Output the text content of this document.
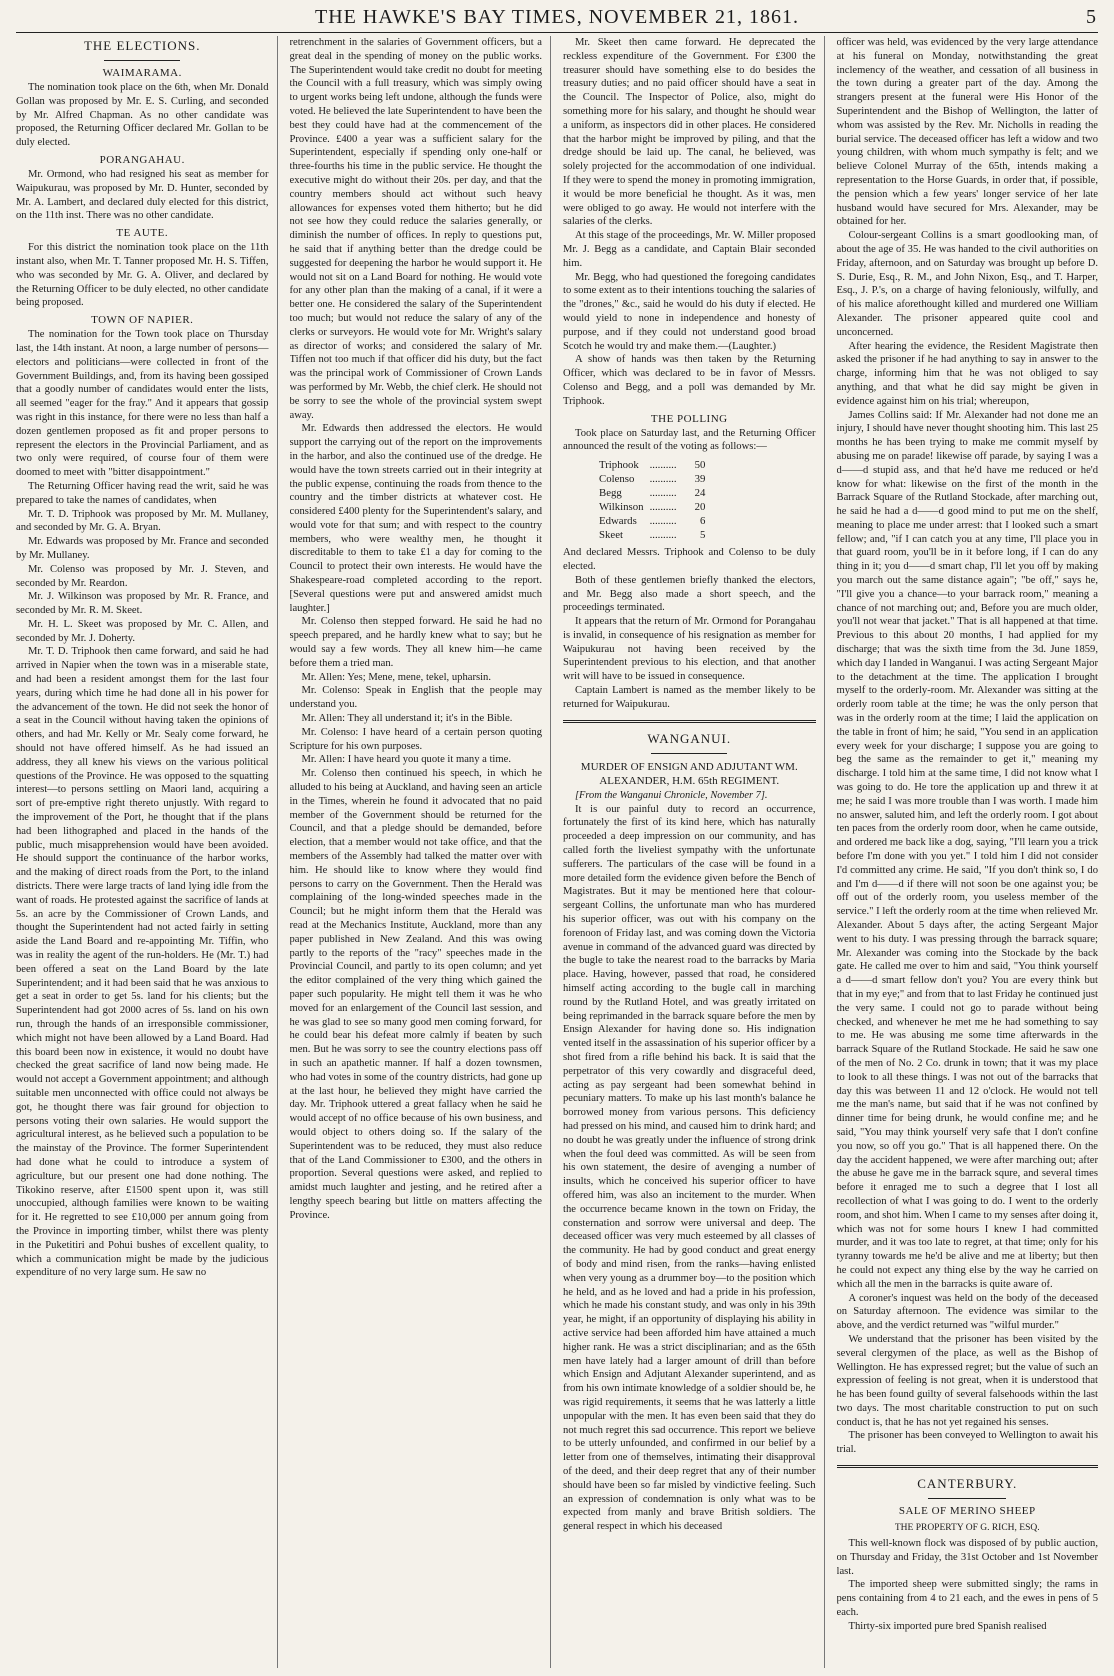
THE HAWKE'S BAY TIMES, NOVEMBER 21, 1861.	5
THE ELECTIONS.
WAIMARAMA.

The nomination took place on the 6th, when Mr. Donald Gollan was proposed by Mr. E. S. Curling, and seconded by Mr. Alfred Chapman. As no other candidate was proposed, the Returning Officer declared Mr. Gollan to be duly elected.

PORANGAHAU.

Mr. Ormond, who had resigned his seat as member for Waipukurau, was proposed by Mr. D. Hunter, seconded by Mr. A. Lambert, and declared duly elected for this district, on the 11th inst. There was no other candidate.

TE AUTE.

For this district the nomination took place on the 11th instant also, when Mr. T. Tanner proposed Mr. H. S. Tiffen, who was seconded by Mr. G. A. Oliver, and declared by the Returning Officer to be duly elected, no other candidate being proposed.

TOWN OF NAPIER.

The nomination for the Town took place on Thursday last, the 14th instant. At noon, a large number of persons—electors and politicians—were collected in front of the Government Buildings, and, from its having been gossiped that a goodly number of candidates would enter the lists, all seemed "eager for the fray." And it appears that gossip was right in this instance, for there were no less than half a dozen gentlemen proposed as fit and proper persons to represent the electors in the Provincial Parliament, and as two only were required, of course four of them were doomed to meet with "bitter disappointment."

The Returning Officer having read the writ, said he was prepared to take the names of candidates, when

Mr. T. D. Triphook was proposed by Mr. M. Mullaney, and seconded by Mr. G. A. Bryan.

Mr. Edwards was proposed by Mr. France and seconded by Mr. Mullaney.

Mr. Colenso was proposed by Mr. J. Steven, and seconded by Mr. Reardon.

Mr. J. Wilkinson was proposed by Mr. R. France, and seconded by Mr. R. M. Skeet.

Mr. H. L. Skeet was proposed by Mr. C. Allen, and seconded by Mr. J. Doherty.

Mr. T. D. Triphook then came forward, and said he had arrived in Napier when the town was in a miserable state, and had been a resident amongst them for the last four years, during which time he had done all in his power for the advancement of the town. He did not seek the honor of a seat in the Council without having taken the opinions of others, and had Mr. Kelly or Mr. Sealy come forward, he should not have offered himself. As he had issued an address, they all knew his views on the various political questions of the Province. He was opposed to the squatting interest—to persons settling on Maori land, acquiring a sort of pre-emptive right thereto unjustly. With regard to the improvement of the Port, he thought that if the plans had been lithographed and placed in the hands of the public, much misapprehension would have been avoided. He should support the continuance of the harbor works, and the making of direct roads from the Port, to the inland districts. There were large tracts of land lying idle from the want of roads. He protested against the sacrifice of lands at 5s. an acre by the Commissioner of Crown Lands, and thought the Superintendent had not acted fairly in setting aside the Land Board and re-appointing Mr. Tiffin, who was in reality the agent of the run-holders. He (Mr. T.) had been offered a seat on the Land Board by the late Superintendent; and it had been said that he was anxious to get a seat in order to get 5s. land for his clients; but the Superintendent had got 2000 acres of 5s. land on his own run, through the hands of an irresponsible commissioner, which might not have been allowed by a Land Board. Had this board been now in existence, it would no doubt have checked the great sacrifice of land now being made. He would not accept a Government appointment; and although suitable men unconnected with office could not always be got, he thought there was fair ground for objection to persons voting their own salaries. He would support the agricultural interest, as he believed such a population to be the mainstay of the Province. The former Superintendent had done what he could to introduce a system of agriculture, but our present one had done nothing. The Tikokino reserve, after £1500 spent upon it, was still unoccupied, although families were known to be waiting for it. He regretted to see £10,000 per annum going from the Province in importing timber, whilst there was plenty in the Puketitiri and Pohui bushes of excellent quality, to which a communication might be made by the judicious expenditure of no very large sum. He saw no

retrenchment in the salaries of Government officers, but a great deal in the spending of money on the public works. The Superintendent would take credit no doubt for meeting the Council with a full treasury, which was simply owing to urgent works being left undone, although the funds were voted. He believed the late Superintendent to have been the best they could have had at the commencement of the Province. £400 a year was a sufficient salary for the Superintendent, especially if spending only one-half or three-fourths his time in the public service. He thought the executive might do without their 20s. per day, and that the country members should act without such heavy allowances for expenses voted them hitherto; but he did not see how they could reduce the salaries generally, or diminish the number of offices. In reply to questions put, he said that if anything better than the dredge could be suggested for deepening the harbor he would support it. He would not sit on a Land Board for nothing. He would vote for any other plan than the making of a canal, if it were a better one. He considered the salary of the Superintendent too much; but would not reduce the salary of any of the clerks or surveyors. He would vote for Mr. Wright's salary as director of works; and considered the salary of Mr. Tiffen not too much if that officer did his duty, but the fact was the principal work of Commissioner of Crown Lands was performed by Mr. Webb, the chief clerk. He should not be sorry to see the whole of the provincial system swept away.

Mr. Edwards then addressed the electors. He would support the carrying out of the report on the improvements in the harbor, and also the continued use of the dredge. He would have the town streets carried out in their integrity at the public expense, continuing the roads from thence to the country and the timber districts at whatever cost. He considered £400 plenty for the Superintendent's salary, and would vote for that sum; and with respect to the country members, who were wealthy men, he thought it discreditable to them to take £1 a day for coming to the Council to protect their own interests. He would have the Shakespeare-road completed according to the report. [Several questions were put and answered amidst much laughter.]

Mr. Colenso then stepped forward. He said he had no speech prepared, and he hardly knew what to say; but he would say a few words. They all knew him—he came before them a tried man.

Mr. Allen: Yes; Mene, mene, tekel, upharsin.

Mr. Colenso: Speak in English that the people may understand you.

Mr. Allen: They all understand it; it's in the Bible.

Mr. Colenso: I have heard of a certain person quoting Scripture for his own purposes.

Mr. Allen: I have heard you quote it many a time.

Mr. Colenso then continued his speech, in which he alluded to his being at Auckland, and having seen an article in the Times, wherein he found it advocated that no paid member of the Government should be returned for the Council, and that a pledge should be demanded, before election, that a member would not take office, and that the members of the Assembly had talked the matter over with him. He should like to know where they would find persons to carry on the Government. Then the Herald was complaining of the long-winded speeches made in the Council; but he might inform them that the Herald was read at the Mechanics Institute, Auckland, more than any paper published in New Zealand. And this was owing partly to the reports of the "racy" speeches made in the Provincial Council, and partly to its open column; and yet the editor complained of the very thing which gained the paper such popularity. He might tell them it was he who moved for an enlargement of the Council last session, and he was glad to see so many good men coming forward, for he could bear his defeat more calmly if beaten by such men. But he was sorry to see the country elections pass off in such an apathetic manner. If half a dozen townsmen, who had votes in some of the country districts, had gone up at the last hour, he believed they might have carried the day. Mr. Triphook uttered a great fallacy when he said he would accept of no office because of his own business, and would object to others doing so. If the salary of the Superintendent was to be reduced, they must also reduce that of the Land Commissioner to £300, and the others in proportion. Several questions were asked, and replied to amidst much laughter and jesting, and he retired after a lengthy speech bearing but little on matters affecting the Province.

Mr. Skeet then came forward. He deprecated the reckless expenditure of the Government. For £300 the treasurer should have something else to do besides the treasury duties; and no paid officer should have a seat in the Council. The Inspector of Police, also, might do something more for his salary, and thought he should wear a uniform, as inspectors did in other places. He considered that the harbor might be improved by piling, and that the dredge should be laid up. The canal, he believed, was solely projected for the accommodation of one individual. If they were to spend the money in promoting immigration, it would be more beneficial he thought. As it was, men were obliged to go away. He would not interfere with the salaries of the clerks.

At this stage of the proceedings, Mr. W. Miller proposed Mr. J. Begg as a candidate, and Captain Blair seconded him.

Mr. Begg, who had questioned the foregoing candidates to some extent as to their intentions touching the salaries of the "drones," &c., said he would do his duty if elected. He would yield to none in independence and honesty of purpose, and if they could not understand good broad Scotch he would try and make them.—(Laughter.)

A show of hands was then taken by the Returning Officer, which was declared to be in favor of Messrs. Colenso and Begg, and a poll was demanded by Mr. Triphook.

THE POLLING

Took place on Saturday last, and the Returning Officer announced the result of the voting as follows:—

Triphook	..........	50
Colenso	..........	39
Begg	..........	24
Wilkinson	..........	20
Edwards	..........	6
Skeet	..........	5

And declared Messrs. Triphook and Colenso to be duly elected.

Both of these gentlemen briefly thanked the electors, and Mr. Begg also made a short speech, and the proceedings terminated.

It appears that the return of Mr. Ormond for Porangahau is invalid, in consequence of his resignation as member for Waipukurau not having been received by the Superintendent previous to his election, and that another writ will have to be issued in consequence.

Captain Lambert is named as the member likely to be returned for Waipukurau.

WANGANUI.
MURDER OF ENSIGN AND ADJUTANT WM. ALEXANDER, H.M. 65th REGIMENT.
[From the Wanganui Chronicle, November 7].

It is our painful duty to record an occurrence, fortunately the first of its kind here, which has naturally proceeded a deep impression on our community, and has called forth the liveliest sympathy with the unfortunate sufferers. The particulars of the case will be found in a more detailed form the evidence given before the Bench of Magistrates. But it may be mentioned here that colour-sergeant Collins, the unfortunate man who has murdered his superior officer, was out with his company on the forenoon of Friday last, and was coming down the Victoria avenue in command of the advanced guard was directed by the bugle to take the nearest road to the barracks by Maria place. Having, however, passed that road, he considered himself acting according to the bugle call in marching round by the Rutland Hotel, and was greatly irritated on being reprimanded in the barrack square before the men by Ensign Alexander for having done so. His indignation vented itself in the assassination of his superior officer by a shot fired from a rifle behind his back. It is said that the perpetrator of this very cowardly and disgraceful deed, acting as pay sergeant had been somewhat behind in pecuniary matters. To make up his last month's balance he borrowed money from various persons. This deficiency had pressed on his mind, and caused him to drink hard; and no doubt he was greatly under the influence of strong drink when the foul deed was committed. As will be seen from his own statement, the desire of avenging a number of insults, which he conceived his superior officer to have offered him, was also an incitement to the murder. When the occurrence became known in the town on Friday, the consternation and sorrow were universal and deep. The deceased officer was very much esteemed by all classes of the community. He had by good conduct and great energy of body and mind risen, from the ranks—having enlisted when very young as a drummer boy—to the position which he held, and as he loved and had a pride in his profession, which he made his constant study, and was only in his 39th year, he might, if an opportunity of displaying his ability in active service had been afforded him have attained a much higher rank. He was a strict disciplinarian; and as the 65th men have lately had a larger amount of drill than before which Ensign and Adjutant Alexander superintend, and as from his own intimate knowledge of a soldier should be, he was rigid requirements, it seems that he was latterly a little unpopular with the men. It has even been said that they do not much regret this sad occurrence. This report we believe to be utterly unfounded, and confirmed in our belief by a letter from one of themselves, intimating their disapproval of the deed, and their deep regret that any of their number should have been so far misled by vindictive feeling. Such an expression of condemnation is only what was to be expected from manly and brave British soldiers. The general respect in which his deceased

officer was held, was evidenced by the very large attendance at his funeral on Monday, notwithstanding the great inclemency of the weather, and cessation of all business in the town during a greater part of the day. Among the strangers present at the funeral were His Honor of the Superintendent and the Bishop of Wellington, the latter of whom was assisted by the Rev. Mr. Nicholls in reading the burial service. The deceased officer has left a widow and two young children, with whom much sympathy is felt; and we believe Colonel Murray of the 65th, intends making a representation to the Horse Guards, in order that, if possible, the pension which a few years' longer service of her late husband would have secured for Mrs. Alexander, may be obtained for her.

Colour-sergeant Collins is a smart goodlooking man, of about the age of 35. He was handed to the civil authorities on Friday, afternoon, and on Saturday was brought up before D. S. Durie, Esq., R. M., and John Nixon, Esq., and T. Harper, Esq., J. P.'s, on a charge of having feloniously, wilfully, and of his malice aforethought killed and murdered one William Alexander. The prisoner appeared quite cool and unconcerned.

After hearing the evidence, the Resident Magistrate then asked the prisoner if he had anything to say in answer to the charge, informing him that he was not obliged to say anything, and that what he did say might be given in evidence against him on his trial; whereupon,

James Collins said: If Mr. Alexander had not done me an injury, I should have never thought shooting him. This last 25 months he has been trying to make me commit myself by abusing me on parade! likewise off parade, by saying I was a d——d stupid ass, and that he'd have me reduced or he'd know for what: likewise on the first of the month in the Barrack Square of the Rutland Stockade, after marching out, he said he had a d——d good mind to put me on the shelf, meaning to place me under arrest: that I looked such a smart fellow; and, "if I can catch you at any time, I'll place you in that guard room, you'll be in it before long, if I can do any thing in it; you d——d smart chap, I'll let you off by making you march out the same distance again"; "be off," says he, "I'll give you a chance—to your barrack room," meaning a chance of not marching out; and, Before you are much older, you'll not wear that jacket." That is all happened at that time. Previous to this about 20 months, I had applied for my discharge; that was the sixth time from the 3d. June 1859, which day I landed in Wanganui. I was acting Sergeant Major to the detachment at the time. The application I brought myself to the orderly-room. Mr. Alexander was sitting at the orderly room table at the time; he was the only person that was in the orderly room at the time; I laid the application on the table in front of him; he said, "You send in an application every week for your discharge; I suppose you are going to beg the same as the remainder to get it," meaning my discharge. I told him at the same time, I did not know what I was going to do. He tore the application up and threw it at me; he said I was more trouble than I was worth. I made him no answer, saluted him, and left the orderly room. I got about ten paces from the orderly room door, when he came outside, and ordered me back like a dog, saying, "I'll learn you a trick before I'm done with you yet." I told him I did not consider I'd committed any crime. He said, "If you don't think so, I do and I'm d——d if there will not soon be one against you; be off out of the orderly room, you useless member of the service." I left the orderly room at the time when relieved Mr. Alexander. About 5 days after, the acting Sergeant Major went to his duty. I was pressing through the barrack square; Mr. Alexander was coming into the Stockade by the back gate. He called me over to him and said, "You think yourself a d——d smart fellow don't you? You are every think but that in my eye;" and from that to last Friday he continued just the very same. I could not go to parade without being checked, and whenever he met me he had something to say to me. He was abusing me some time afterwards in the barrack Square of the Rutland Stockade. He said he saw one of the men of No. 2 Co. drunk in town; that it was my place to look to all these things. I was not out of the barracks that day this was between 11 and 12 o'clock. He would not tell me the man's name, but said that if he was not confined by dinner time for being drunk, he would confine me; and he said, "You may think yourself very safe that I don't confine you now, so off you go." That is all happened there. On the day the accident happened, we were after marching out; after the abuse he gave me in the barrack squre, and several times before it enraged me to such a degree that I lost all recollection of what I was going to do. I went to the orderly room, and shot him. When I came to my senses after doing it, which was not for some hours I knew I had committed murder, and it was too late to regret, at that time; only for his tyranny towards me he'd be alive and me at liberty; but then he could not expect any thing else by the way he carried on which all the men in the barracks is quite aware of.

A coroner's inquest was held on the body of the deceased on Saturday afternoon. The evidence was similar to the above, and the verdict returned was "wilful murder."

We understand that the prisoner has been visited by the several clergymen of the place, as well as the Bishop of Wellington. He has expressed regret; but the value of such an expression of feeling is not great, when it is understood that he has been found guilty of several falsehoods within the last two days. The most charitable construction to put on such conduct is, that he has not yet regained his senses.

The prisoner has been conveyed to Wellington to await his trial.

CANTERBURY.
SALE OF MERINO SHEEP
THE PROPERTY OF G. RICH, ESQ.

This well-known flock was disposed of by public auction, on Thursday and Friday, the 31st October and 1st November last.

The imported sheep were submitted singly; the rams in pens containing from 4 to 21 each, and the ewes in pens of 5 each.

Thirty-six imported pure bred Spanish realised
